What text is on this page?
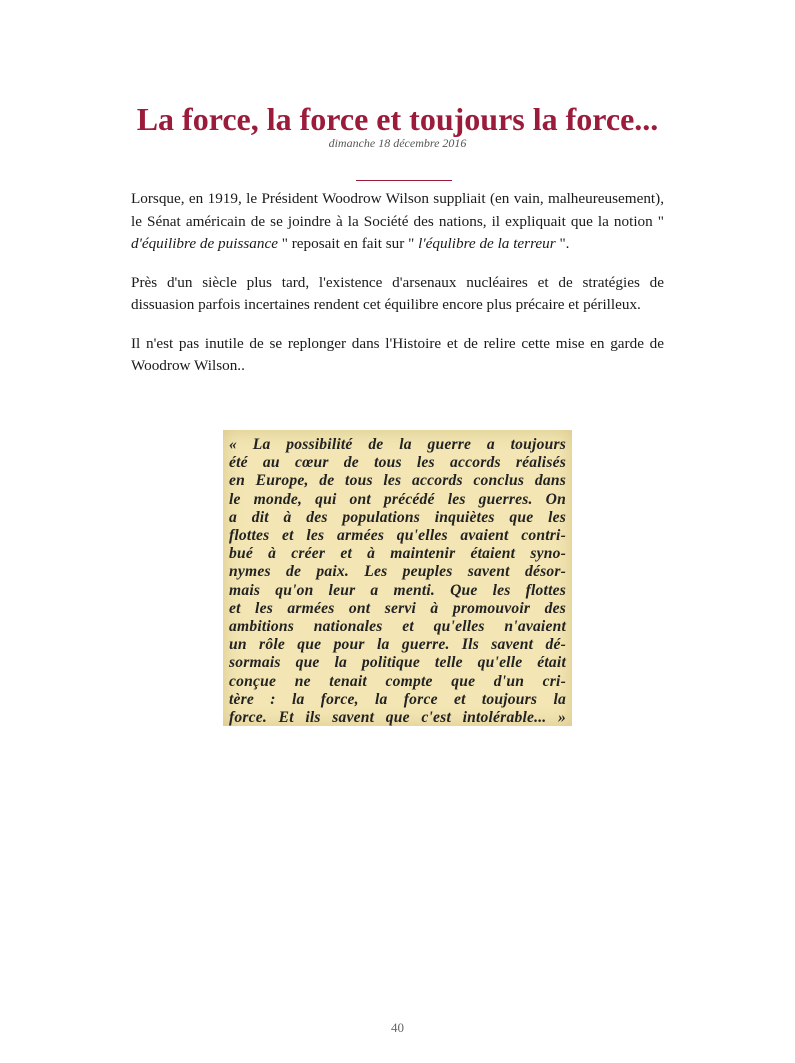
La force, la force et toujours la force...
dimanche 18 décembre 2016

Lorsque, en 1919, le Président Woodrow Wilson suppliait (en vain, malheureusement), le Sénat américain de se joindre à la Société des nations, il expliquait que la notion " d'équilibre de puissance " reposait en fait sur " l'équlibre de la terreur ".

Près d'un siècle plus tard, l'existence d'arsenaux nucléaires et de stratégies de dissuasion parfois incertaines rendent cet équilibre encore plus précaire et périlleux.

Il n'est pas inutile de se replonger dans l'Histoire et de relire cette mise en garde de Woodrow Wilson..

« La possibilité de la guerre a toujours
été au cœur de tous les accords réalisés
en Europe, de tous les accords conclus dans
le monde, qui ont précédé les guerres. On
a dit à des populations inquiètes que les
flottes et les armées qu'elles avaient contri-
bué à créer et à maintenir étaient syno-
nymes de paix. Les peuples savent désor-
mais qu'on leur a menti. Que les flottes
et les armées ont servi à promouvoir des
ambitions nationales et qu'elles n'avaient
un rôle que pour la guerre. Ils savent dé-
sormais que la politique telle qu'elle était
conçue ne tenait compte que d'un cri-
tère : la force, la force et toujours la
force. Et ils savent que c'est intolérable... »
40
